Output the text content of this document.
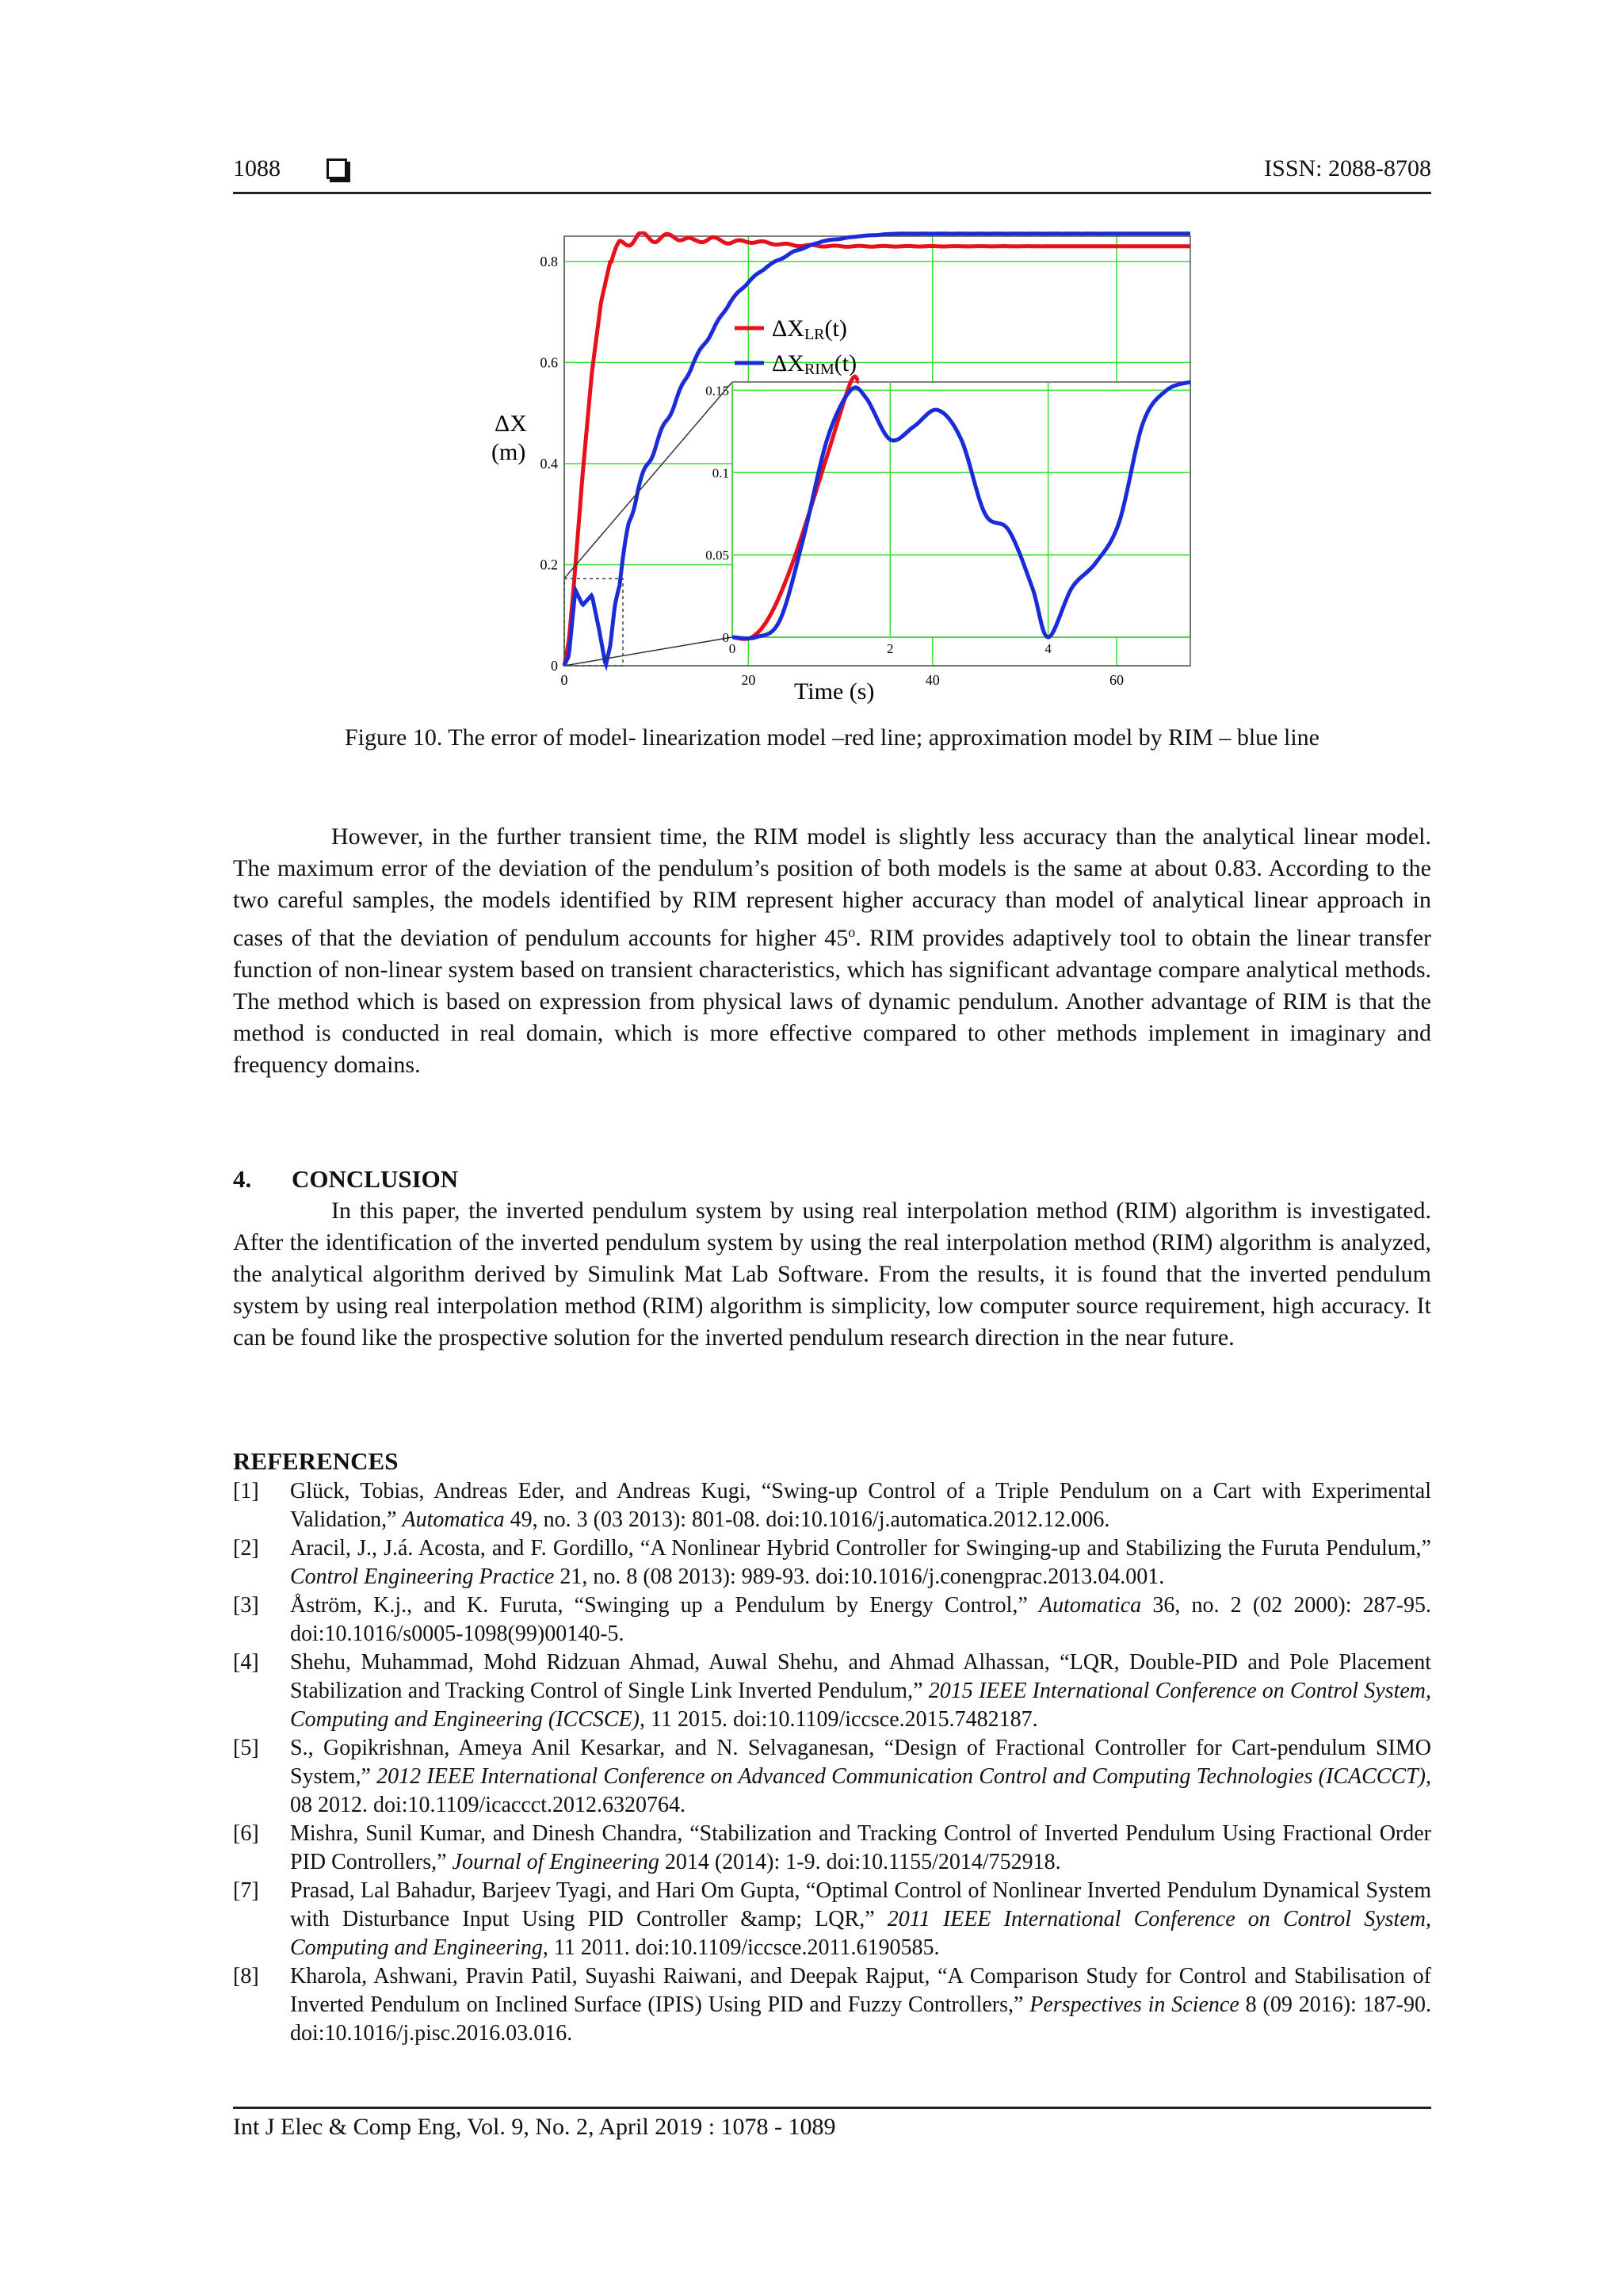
1088	ISSN: 2088-8708
0	20	40	60
0
0.2
0.4
0.6
0.8
0	2	4
0
0.05
0.1
0.15
ΔXLR(t)
ΔXRIM(t)
ΔX
(m)
Time (s)
Figure 10. The error of model- linearization model –red line; approximation model by RIM – blue line

However, in the further transient time, the RIM model is slightly less accuracy than the analytical linear model. The maximum error of the deviation of the pendulum’s position of both models is the same at about 0.83. According to the two careful samples, the models identified by RIM represent higher accuracy than model of analytical linear approach in cases of that the deviation of pendulum accounts for higher 45$^o$. RIM provides adaptively tool to obtain the linear transfer function of non-linear system based on transient characteristics, which has significant advantage compare analytical methods. The method which is based on expression from physical laws of dynamic pendulum. Another advantage of RIM is that the method is conducted in real domain, which is more effective compared to other methods implement in imaginary and frequency domains.

4. CONCLUSION

In this paper, the inverted pendulum system by using real interpolation method (RIM) algorithm is investigated. After the identification of the inverted pendulum system by using the real interpolation method (RIM) algorithm is analyzed, the analytical algorithm derived by Simulink Mat Lab Software. From the results, it is found that the inverted pendulum system by using real interpolation method (RIM) algorithm is simplicity, low computer source requirement, high accuracy. It can be found like the prospective solution for the inverted pendulum research direction in the near future.

REFERENCES
[1] Glück, Tobias, Andreas Eder, and Andreas Kugi, “Swing-up Control of a Triple Pendulum on a Cart with Experimental Validation,” Automatica 49, no. 3 (03 2013): 801-08. doi:10.1016/j.automatica.2012.12.006.
[2] Aracil, J., J.á. Acosta, and F. Gordillo, “A Nonlinear Hybrid Controller for Swinging-up and Stabilizing the Furuta Pendulum,” Control Engineering Practice 21, no. 8 (08 2013): 989-93. doi:10.1016/j.conengprac.2013.04.001.
[3] Åström, K.j., and K. Furuta, “Swinging up a Pendulum by Energy Control,” Automatica 36, no. 2 (02 2000): 287-95. doi:10.1016/s0005-1098(99)00140-5.
[4] Shehu, Muhammad, Mohd Ridzuan Ahmad, Auwal Shehu, and Ahmad Alhassan, “LQR, Double-PID and Pole Placement Stabilization and Tracking Control of Single Link Inverted Pendulum,” 2015 IEEE International Conference on Control System, Computing and Engineering (ICCSCE), 11 2015. doi:10.1109/iccsce.2015.7482187.
[5] S., Gopikrishnan, Ameya Anil Kesarkar, and N. Selvaganesan, “Design of Fractional Controller for Cart-pendulum SIMO System,” 2012 IEEE International Conference on Advanced Communication Control and Computing Technologies (ICACCCT), 08 2012. doi:10.1109/icaccct.2012.6320764.
[6] Mishra, Sunil Kumar, and Dinesh Chandra, “Stabilization and Tracking Control of Inverted Pendulum Using Fractional Order PID Controllers,” Journal of Engineering 2014 (2014): 1-9. doi:10.1155/2014/752918.
[7] Prasad, Lal Bahadur, Barjeev Tyagi, and Hari Om Gupta, “Optimal Control of Nonlinear Inverted Pendulum Dynamical System with Disturbance Input Using PID Controller &amp; LQR,” 2011 IEEE International Conference on Control System, Computing and Engineering, 11 2011. doi:10.1109/iccsce.2011.6190585.
[8] Kharola, Ashwani, Pravin Patil, Suyashi Raiwani, and Deepak Rajput, “A Comparison Study for Control and Stabilisation of Inverted Pendulum on Inclined Surface (IPIS) Using PID and Fuzzy Controllers,” Perspectives in Science 8 (09 2016): 187-90. doi:10.1016/j.pisc.2016.03.016.
Int J Elec & Comp Eng, Vol. 9, No. 2, April 2019 : 1078 - 1089
